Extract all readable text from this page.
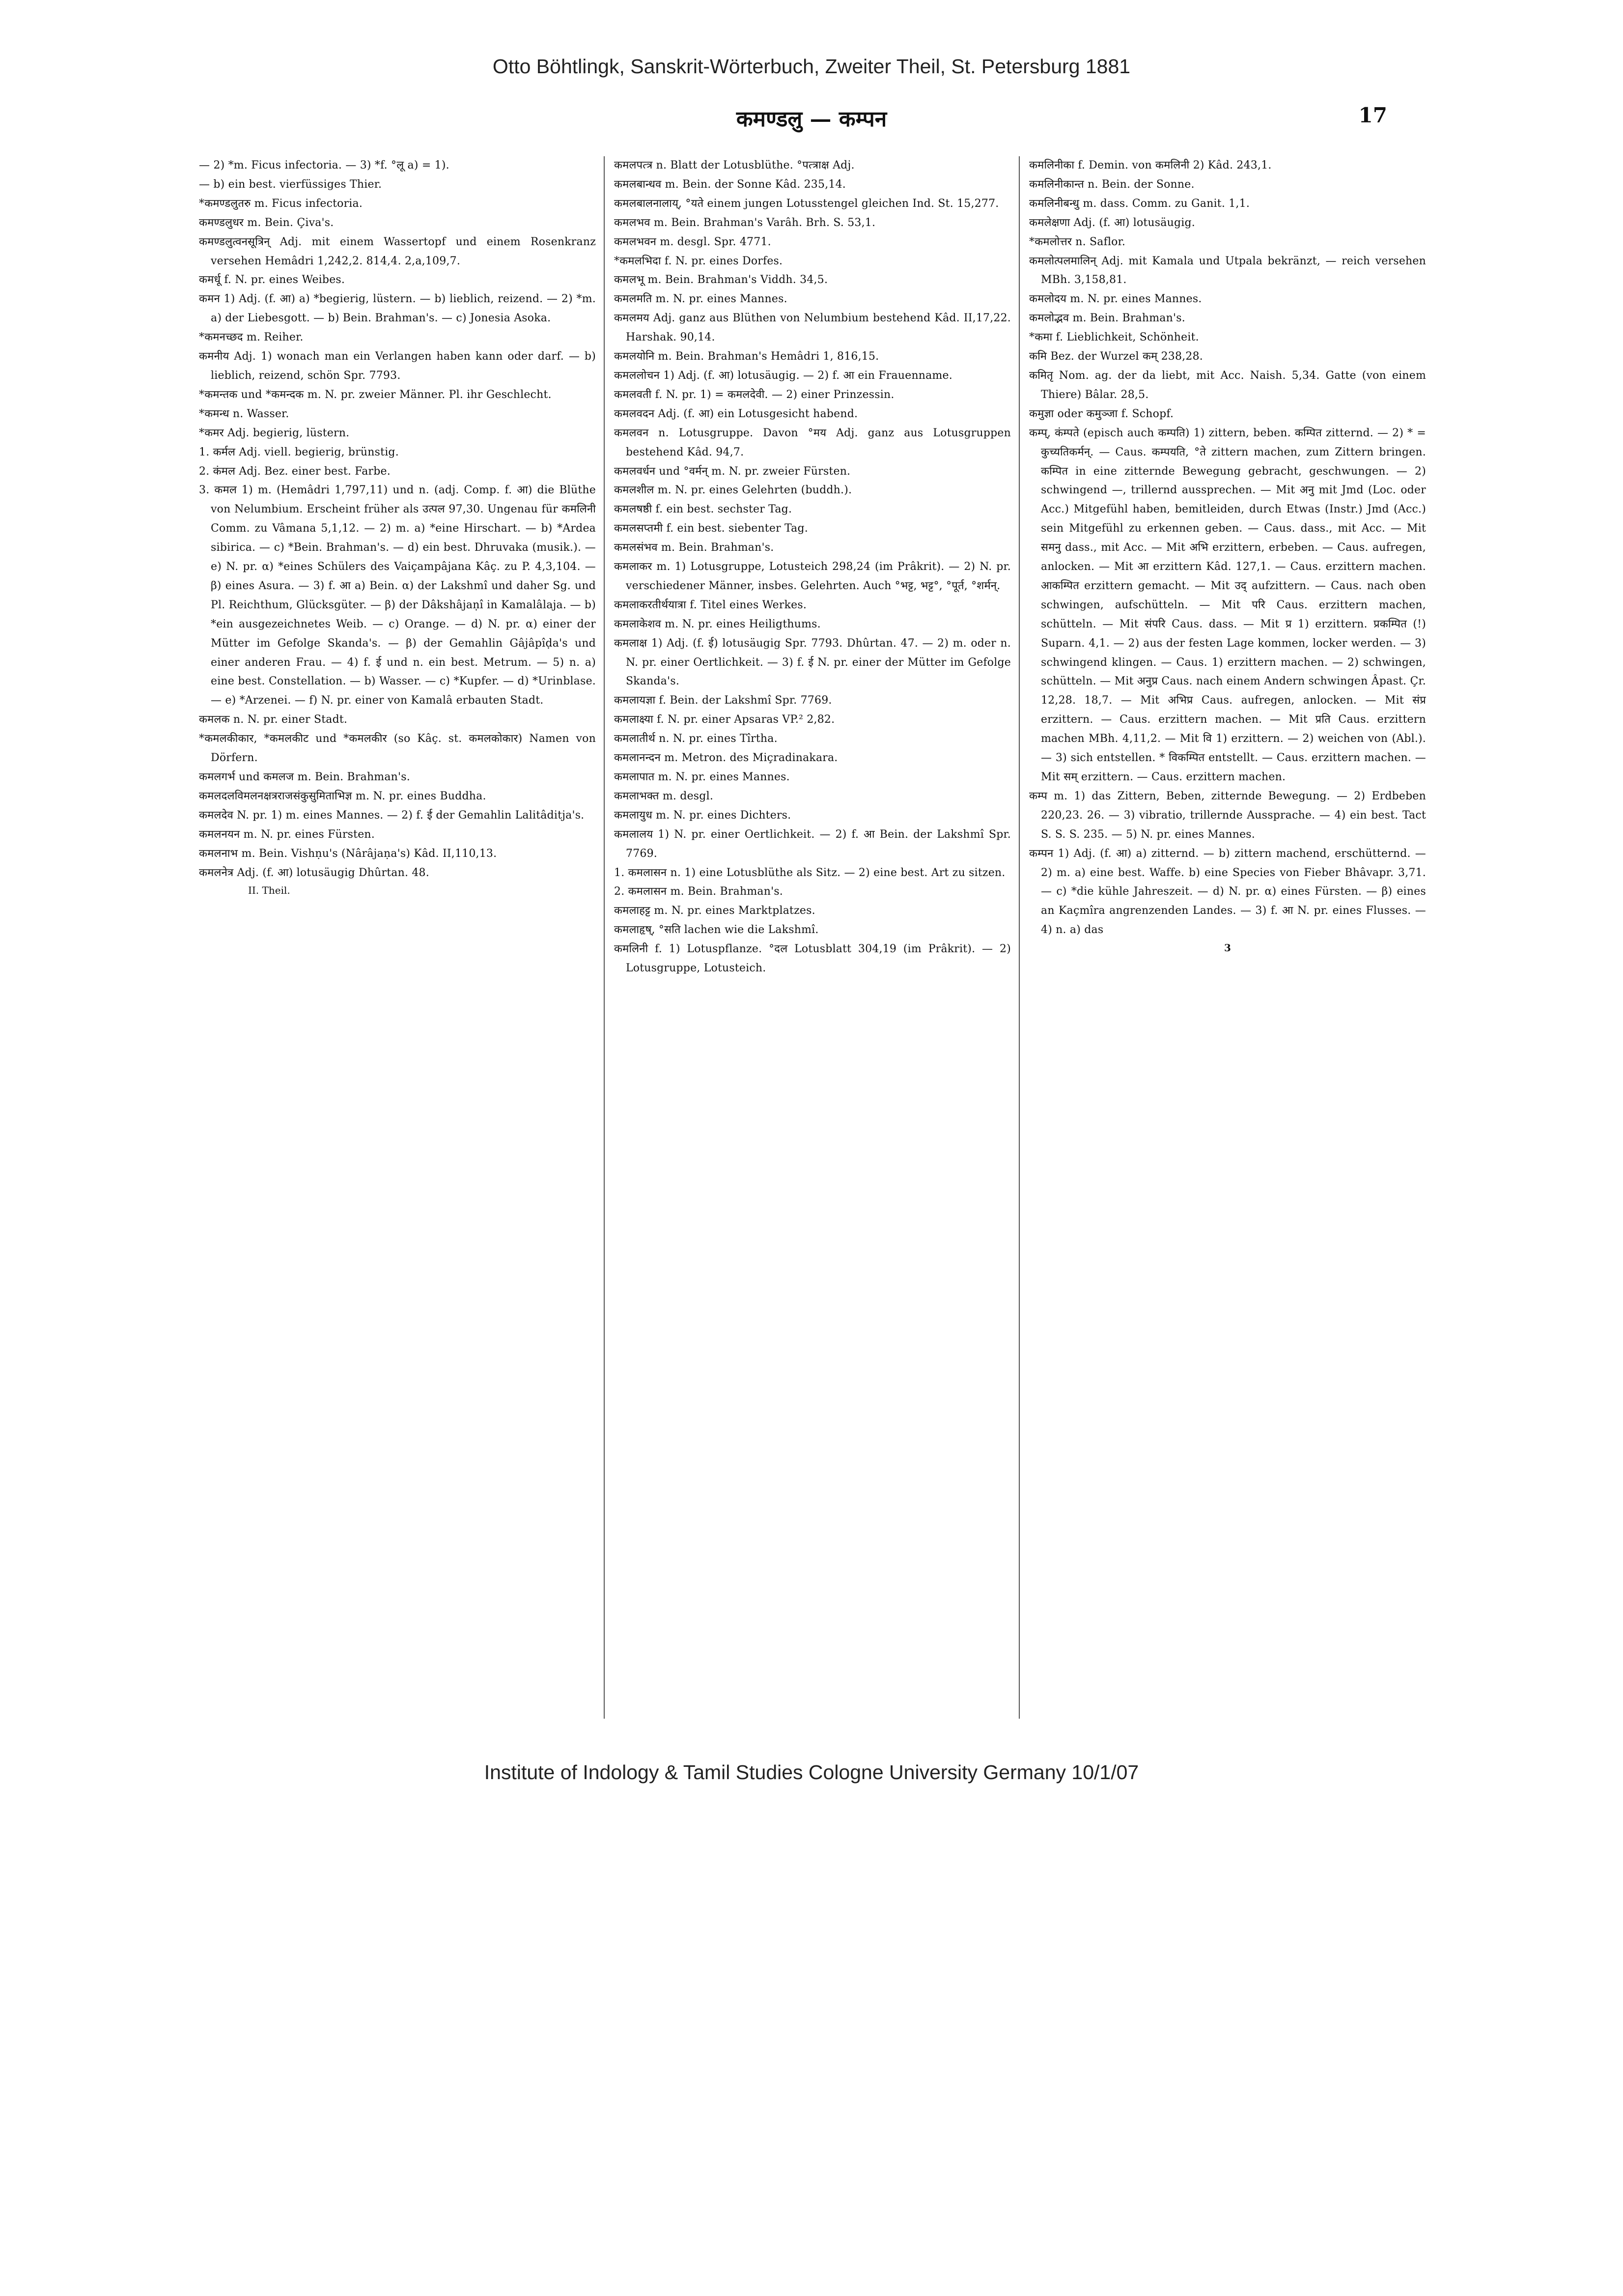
Otto Böhtlingk, Sanskrit-Wörterbuch, Zweiter Theil, St. Petersburg 1881
कमण्डलु — कम्पन	17

— 2) *m. Ficus infectoria. — 3) *f. °लू a) = 1).

— b) ein best. vierfüssiges Thier.

*कमण्डलुतरु m. Ficus infectoria.

कमण्डलुधर m. Bein. Çiva's.

कमण्डलुत्वनसूत्रिन् Adj. mit einem Wassertopf und einem Rosenkranz versehen Hemâdri 1,242,2. 814,4. 2,a,109,7.

कमर्धू f. N. pr. eines Weibes.

कमन 1) Adj. (f. आ) a) *begierig, lüstern. — b) lieblich, reizend. — 2) *m. a) der Liebesgott. — b) Bein. Brahman's. — c) Jonesia Asoka.

*कमनच्छद m. Reiher.

कमनीय Adj. 1) wonach man ein Verlangen haben kann oder darf. — b) lieblich, reizend, schön Spr. 7793.

*कमन्तक und *कमन्दक m. N. pr. zweier Männer. Pl. ihr Geschlecht.

*कमन्ध n. Wasser.

*कमर Adj. begierig, lüstern.

1. कर्मल Adj. viell. begierig, brünstig.

2. कंमल Adj. Bez. einer best. Farbe.

3. कमल 1) m. (Hemâdri 1,797,11) und n. (adj. Comp. f. आ) die Blüthe von Nelumbium. Erscheint früher als उत्पल 97,30. Ungenau für कमलिनी Comm. zu Vâmana 5,1,12. — 2) m. a) *eine Hirschart. — b) *Ardea sibirica. — c) *Bein. Brahman's. — d) ein best. Dhruvaka (musik.). — e) N. pr. α) *eines Schülers des Vaiçampâjana Kâç. zu P. 4,3,104. — β) eines Asura. — 3) f. आ a) Bein. α) der Lakshmî und daher Sg. und Pl. Reichthum, Glücksgüter. — β) der Dâkshâjaṇî in Kamalâlaja. — b) *ein ausgezeichnetes Weib. — c) Orange. — d) N. pr. α) einer der Mütter im Gefolge Skanda's. — β) der Gemahlin Gâjâpîḍa's und einer anderen Frau. — 4) f. ई und n. ein best. Metrum. — 5) n. a) eine best. Constellation. — b) Wasser. — c) *Kupfer. — d) *Urinblase. — e) *Arzenei. — f) N. pr. einer von Kamalâ erbauten Stadt.

कमलक n. N. pr. einer Stadt.

*कमलकीकार, *कमलकीट und *कमलकीर (so Kâç. st. कमलकोकार) Namen von Dörfern.

कमलगर्भ und कमलज m. Bein. Brahman's.

कमलदलविमलनक्षत्रराजसंकुसुमिताभिज्ञ m. N. pr. eines Buddha.

कमलदेव N. pr. 1) m. eines Mannes. — 2) f. ई der Gemahlin Lalitâditja's.

कमलनयन m. N. pr. eines Fürsten.

कमलनाभ m. Bein. Vishṇu's (Nârâjaṇa's) Kâd. II,110,13.

कमलनेत्र Adj. (f. आ) lotusäugig Dhûrtan. 48.

II. Theil.

कमलपत्त्र n. Blatt der Lotusblüthe. °पत्त्राक्ष Adj.

कमलबान्धव m. Bein. der Sonne Kâd. 235,14.

कमलबालनालाय्, °यते einem jungen Lotusstengel gleichen Ind. St. 15,277.

कमलभव m. Bein. Brahman's Varâh. Brh. S. 53,1.

कमलभवन m. desgl. Spr. 4771.

*कमलभिदा f. N. pr. eines Dorfes.

कमलभू m. Bein. Brahman's Viddh. 34,5.

कमलमति m. N. pr. eines Mannes.

कमलमय Adj. ganz aus Blüthen von Nelumbium bestehend Kâd. II,17,22. Harshak. 90,14.

कमलयोनि m. Bein. Brahman's Hemâdri 1, 816,15.

कमललोचन 1) Adj. (f. आ) lotusäugig. — 2) f. आ ein Frauenname.

कमलवती f. N. pr. 1) = कमलदेवी. — 2) einer Prinzessin.

कमलवदन Adj. (f. आ) ein Lotusgesicht habend.

कमलवन n. Lotusgruppe. Davon °मय Adj. ganz aus Lotusgruppen bestehend Kâd. 94,7.

कमलवर्धन und °वर्मन् m. N. pr. zweier Fürsten.

कमलशील m. N. pr. eines Gelehrten (buddh.).

कमलषष्ठी f. ein best. sechster Tag.

कमलसप्तमी f. ein best. siebenter Tag.

कमलसंभव m. Bein. Brahman's.

कमलाकर m. 1) Lotusgruppe, Lotusteich 298,24 (im Prâkrit). — 2) N. pr. verschiedener Männer, insbes. Gelehrten. Auch °भट्ट, भट्ट°, °पूर्त, °शर्मन्.

कमलाकरतीर्थयात्रा f. Titel eines Werkes.

कमलाकेशव m. N. pr. eines Heiligthums.

कमलाक्ष 1) Adj. (f. ई) lotusäugig Spr. 7793. Dhûrtan. 47. — 2) m. oder n. N. pr. einer Oertlichkeit. — 3) f. ई N. pr. einer der Mütter im Gefolge Skanda's.

कमलायज्ञा f. Bein. der Lakshmî Spr. 7769.

कमलाक्ष्या f. N. pr. einer Apsaras VP.² 2,82.

कमलातीर्थ n. N. pr. eines Tîrtha.

कमलानन्दन m. Metron. des Miçradinakara.

कमलापात m. N. pr. eines Mannes.

कमलाभक्त m. desgl.

कमलायुध m. N. pr. eines Dichters.

कमलालय 1) N. pr. einer Oertlichkeit. — 2) f. आ Bein. der Lakshmî Spr. 7769.

1. कमलासन n. 1) eine Lotusblüthe als Sitz. — 2) eine best. Art zu sitzen.

2. कमलासन m. Bein. Brahman's.

कमलाहट्ट m. N. pr. eines Marktplatzes.

कमलाहृष्, °सति lachen wie die Lakshmî.

कमलिनी f. 1) Lotuspflanze. °दल Lotusblatt 304,19 (im Prâkrit). — 2) Lotusgruppe, Lotusteich.

कमलिनीका f. Demin. von कमलिनी 2) Kâd. 243,1.

कमलिनीकान्त n. Bein. der Sonne.

कमलिनीबन्धु m. dass. Comm. zu Ganit. 1,1.

कमलेक्षणा Adj. (f. आ) lotusäugig.

*कमलोत्तर n. Saflor.

कमलोत्पलमालिन् Adj. mit Kamala und Utpala bekränzt, — reich versehen MBh. 3,158,81.

कमलोदय m. N. pr. eines Mannes.

कमलोद्भव m. Bein. Brahman's.

*कमा f. Lieblichkeit, Schönheit.

कमि Bez. der Wurzel कम् 238,28.

कमितृ Nom. ag. der da liebt, mit Acc. Naish. 5,34. Gatte (von einem Thiere) Bâlar. 28,5.

कमुज्ञा oder कमुञ्जा f. Schopf.

कम्प्, कंम्पते (episch auch कम्पति) 1) zittern, beben. कम्पित zitternd. — 2) * = कुच्यतिकर्मन्. — Caus. कम्पयति, °ते zittern machen, zum Zittern bringen. कम्पित in eine zitternde Bewegung gebracht, geschwungen. — 2) schwingend —, trillernd aussprechen. — Mit अनु mit Jmd (Loc. oder Acc.) Mitgefühl haben, bemitleiden, durch Etwas (Instr.) Jmd (Acc.) sein Mitgefühl zu erkennen geben. — Caus. dass., mit Acc. — Mit समनु dass., mit Acc. — Mit अभि erzittern, erbeben. — Caus. aufregen, anlocken. — Mit आ erzittern Kâd. 127,1. — Caus. erzittern machen. आकम्पित erzittern gemacht. — Mit उद् aufzittern. — Caus. nach oben schwingen, aufschütteln. — Mit परि Caus. erzittern machen, schütteln. — Mit संपरि Caus. dass. — Mit प्र 1) erzittern. प्रकम्पित (!) Suparn. 4,1. — 2) aus der festen Lage kommen, locker werden. — 3) schwingend klingen. — Caus. 1) erzittern machen. — 2) schwingen, schütteln. — Mit अनुप्र Caus. nach einem Andern schwingen Âpast. Çr. 12,28. 18,7. — Mit अभिप्र Caus. aufregen, anlocken. — Mit संप्र erzittern. — Caus. erzittern machen. — Mit प्रति Caus. erzittern machen MBh. 4,11,2. — Mit वि 1) erzittern. — 2) weichen von (Abl.). — 3) sich entstellen. * विकम्पित entstellt. — Caus. erzittern machen. — Mit सम् erzittern. — Caus. erzittern machen.

कम्प m. 1) das Zittern, Beben, zitternde Bewegung. — 2) Erdbeben 220,23. 26. — 3) vibratio, trillernde Aussprache. — 4) ein best. Tact S. S. S. 235. — 5) N. pr. eines Mannes.

कम्पन 1) Adj. (f. आ) a) zitternd. — b) zittern machend, erschütternd. — 2) m. a) eine best. Waffe. b) eine Species von Fieber Bhâvapr. 3,71. — c) *die kühle Jahreszeit. — d) N. pr. α) eines Fürsten. — β) eines an Kaçmîra angrenzenden Landes. — 3) f. आ N. pr. eines Flusses. — 4) n. a) das

3
Institute of Indology & Tamil Studies Cologne University Germany 10/1/07
